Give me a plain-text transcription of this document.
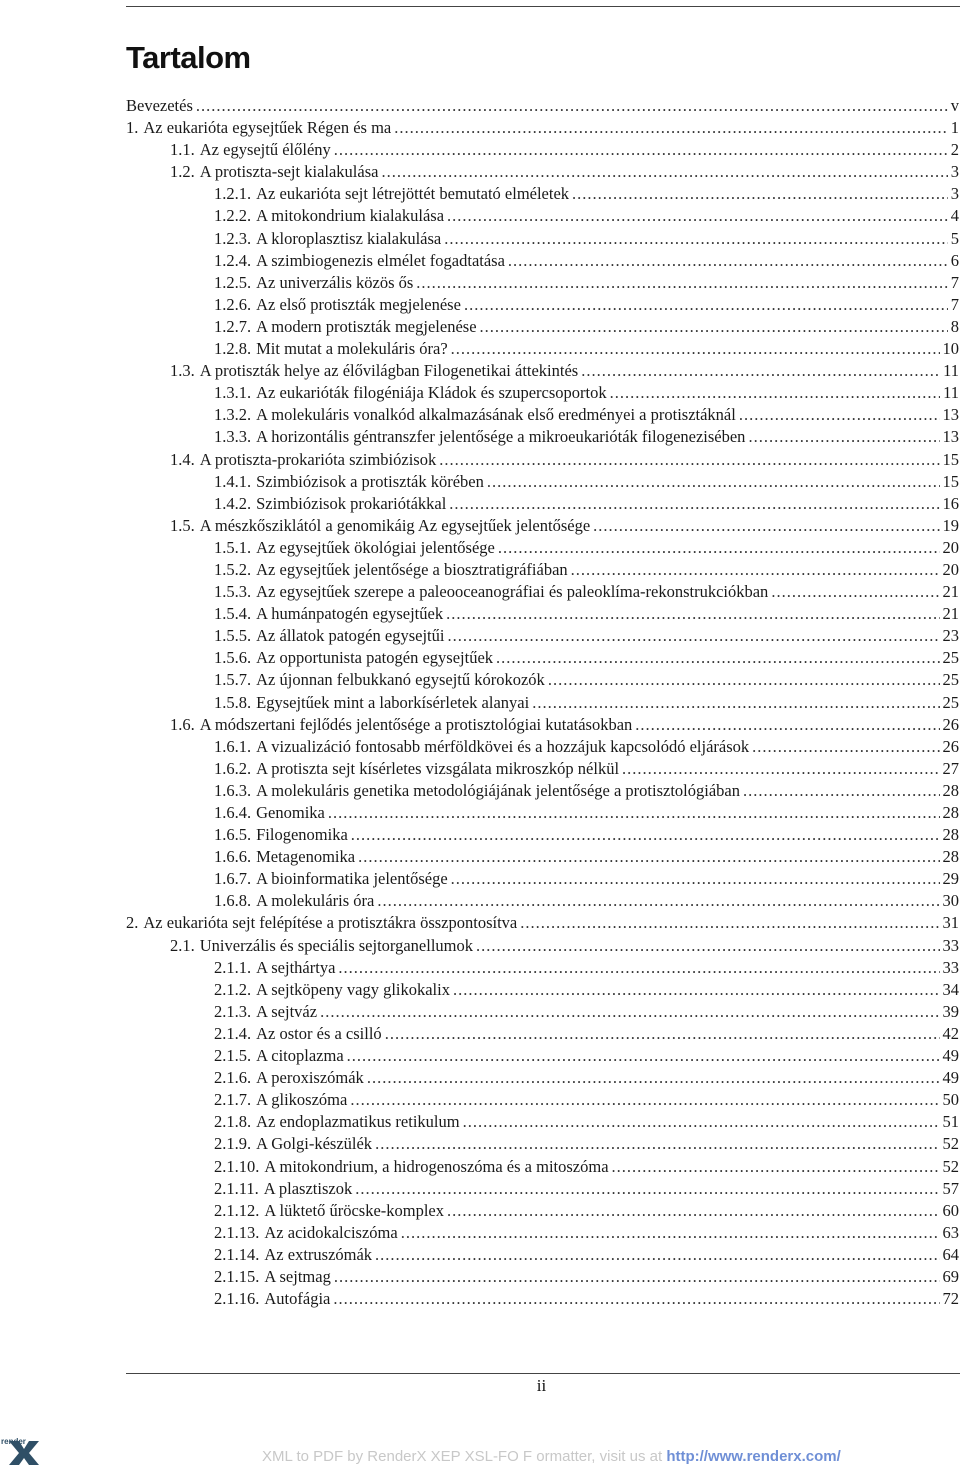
Tartalom
Bevezetés .....	v
1. Az eukarióta egysejtűek Régen és ma .....	1
1.1. Az egysejtű élőlény .....	2
1.2. A protiszta-sejt kialakulása .....	3
1.2.1. Az eukarióta sejt létrejöttét bemutató elméletek .....	3
1.2.2. A mitokondrium kialakulása .....	4
1.2.3. A kloroplasztisz kialakulása .....	5
1.2.4. A szimbiogenezis elmélet fogadtatása .....	6
1.2.5. Az univerzális közös ős .....	7
1.2.6. Az első protiszták megjelenése .....	7
1.2.7. A modern protiszták megjelenése .....	8
1.2.8. Mit mutat a molekuláris óra? .....	10
1.3. A protiszták helye az élővilágban Filogenetikai áttekintés .....	11
1.3.1. Az eukarióták filogéniája Kládok és szupercsoportok .....	11
1.3.2. A molekuláris vonalkód alkalmazásának első eredményei a protisztáknál .....	13
1.3.3. A horizontális géntranszfer jelentősége a mikroeukarióták filogenezisében .....	13
1.4. A protiszta-prokarióta szimbiózisok .....	15
1.4.1. Szimbiózisok a protiszták körében .....	15
1.4.2. Szimbiózisok prokariótákkal .....	16
1.5. A mészkősziklától a genomikáig Az egysejtűek jelentősége .....	19
1.5.1. Az egysejtűek ökológiai jelentősége .....	20
1.5.2. Az egysejtűek jelentősége a biosztratigráfiában .....	20
1.5.3. Az egysejtűek szerepe a paleooceanográfiai és paleoklíma-rekonstrukciókban .....	21
1.5.4. A humánpatogén egysejtűek .....	21
1.5.5. Az állatok patogén egysejtűi .....	23
1.5.6. Az opportunista patogén egysejtűek .....	25
1.5.7. Az újonnan felbukkanó egysejtű kórokozók .....	25
1.5.8. Egysejtűek mint a laborkísérletek alanyai .....	25
1.6. A módszertani fejlődés jelentősége a protisztológiai kutatásokban .....	26
1.6.1. A vizualizáció fontosabb mérföldkövei és a hozzájuk kapcsolódó eljárások .....	26
1.6.2. A protiszta sejt kísérletes vizsgálata mikroszkóp nélkül .....	27
1.6.3. A molekuláris genetika metodológiájának jelentősége a protisztológiában .....	28
1.6.4. Genomika .....	28
1.6.5. Filogenomika .....	28
1.6.6. Metagenomika .....	28
1.6.7. A bioinformatika jelentősége .....	29
1.6.8. A molekuláris óra .....	30
2. Az eukarióta sejt felépítése a protisztákra összpontosítva .....	31
2.1. Univerzális és speciális sejtorganellumok .....	33
2.1.1. A sejthártya .....	33
2.1.2. A sejtköpeny vagy glikokalix .....	34
2.1.3. A sejtváz .....	39
2.1.4. Az ostor és a csilló .....	42
2.1.5. A citoplazma .....	49
2.1.6. A peroxiszómák .....	49
2.1.7. A glikoszóma .....	50
2.1.8. Az endoplazmatikus retikulum .....	51
2.1.9. A Golgi-készülék .....	52
2.1.10. A mitokondrium, a hidrogenoszóma és a mitoszóma .....	52
2.1.11. A plasztiszok .....	57
2.1.12. A lüktető űröcske-komplex .....	60
2.1.13. Az acidokalciszóma .....	63
2.1.14. Az extruszómák .....	64
2.1.15. A sejtmag .....	69
2.1.16. Autofágia .....	72
ii
render
XML to PDF by RenderX XEP XSL-FO F ormatter, visit us at http://www.renderx.com/
